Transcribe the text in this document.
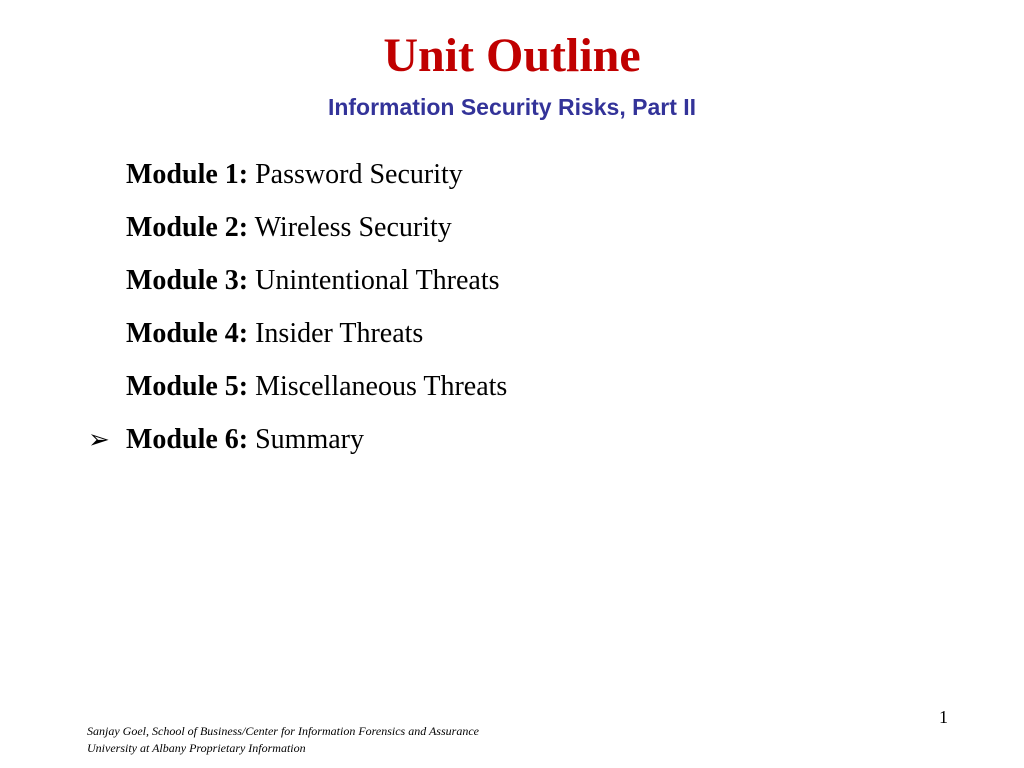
Unit Outline
Information Security Risks, Part II
Module 1: Password Security
Module 2: Wireless Security
Module 3: Unintentional Threats
Module 4: Insider Threats
Module 5: Miscellaneous Threats
➢ Module 6: Summary
Sanjay Goel, School of Business/Center for Information Forensics and Assurance
University at Albany Proprietary Information
1
